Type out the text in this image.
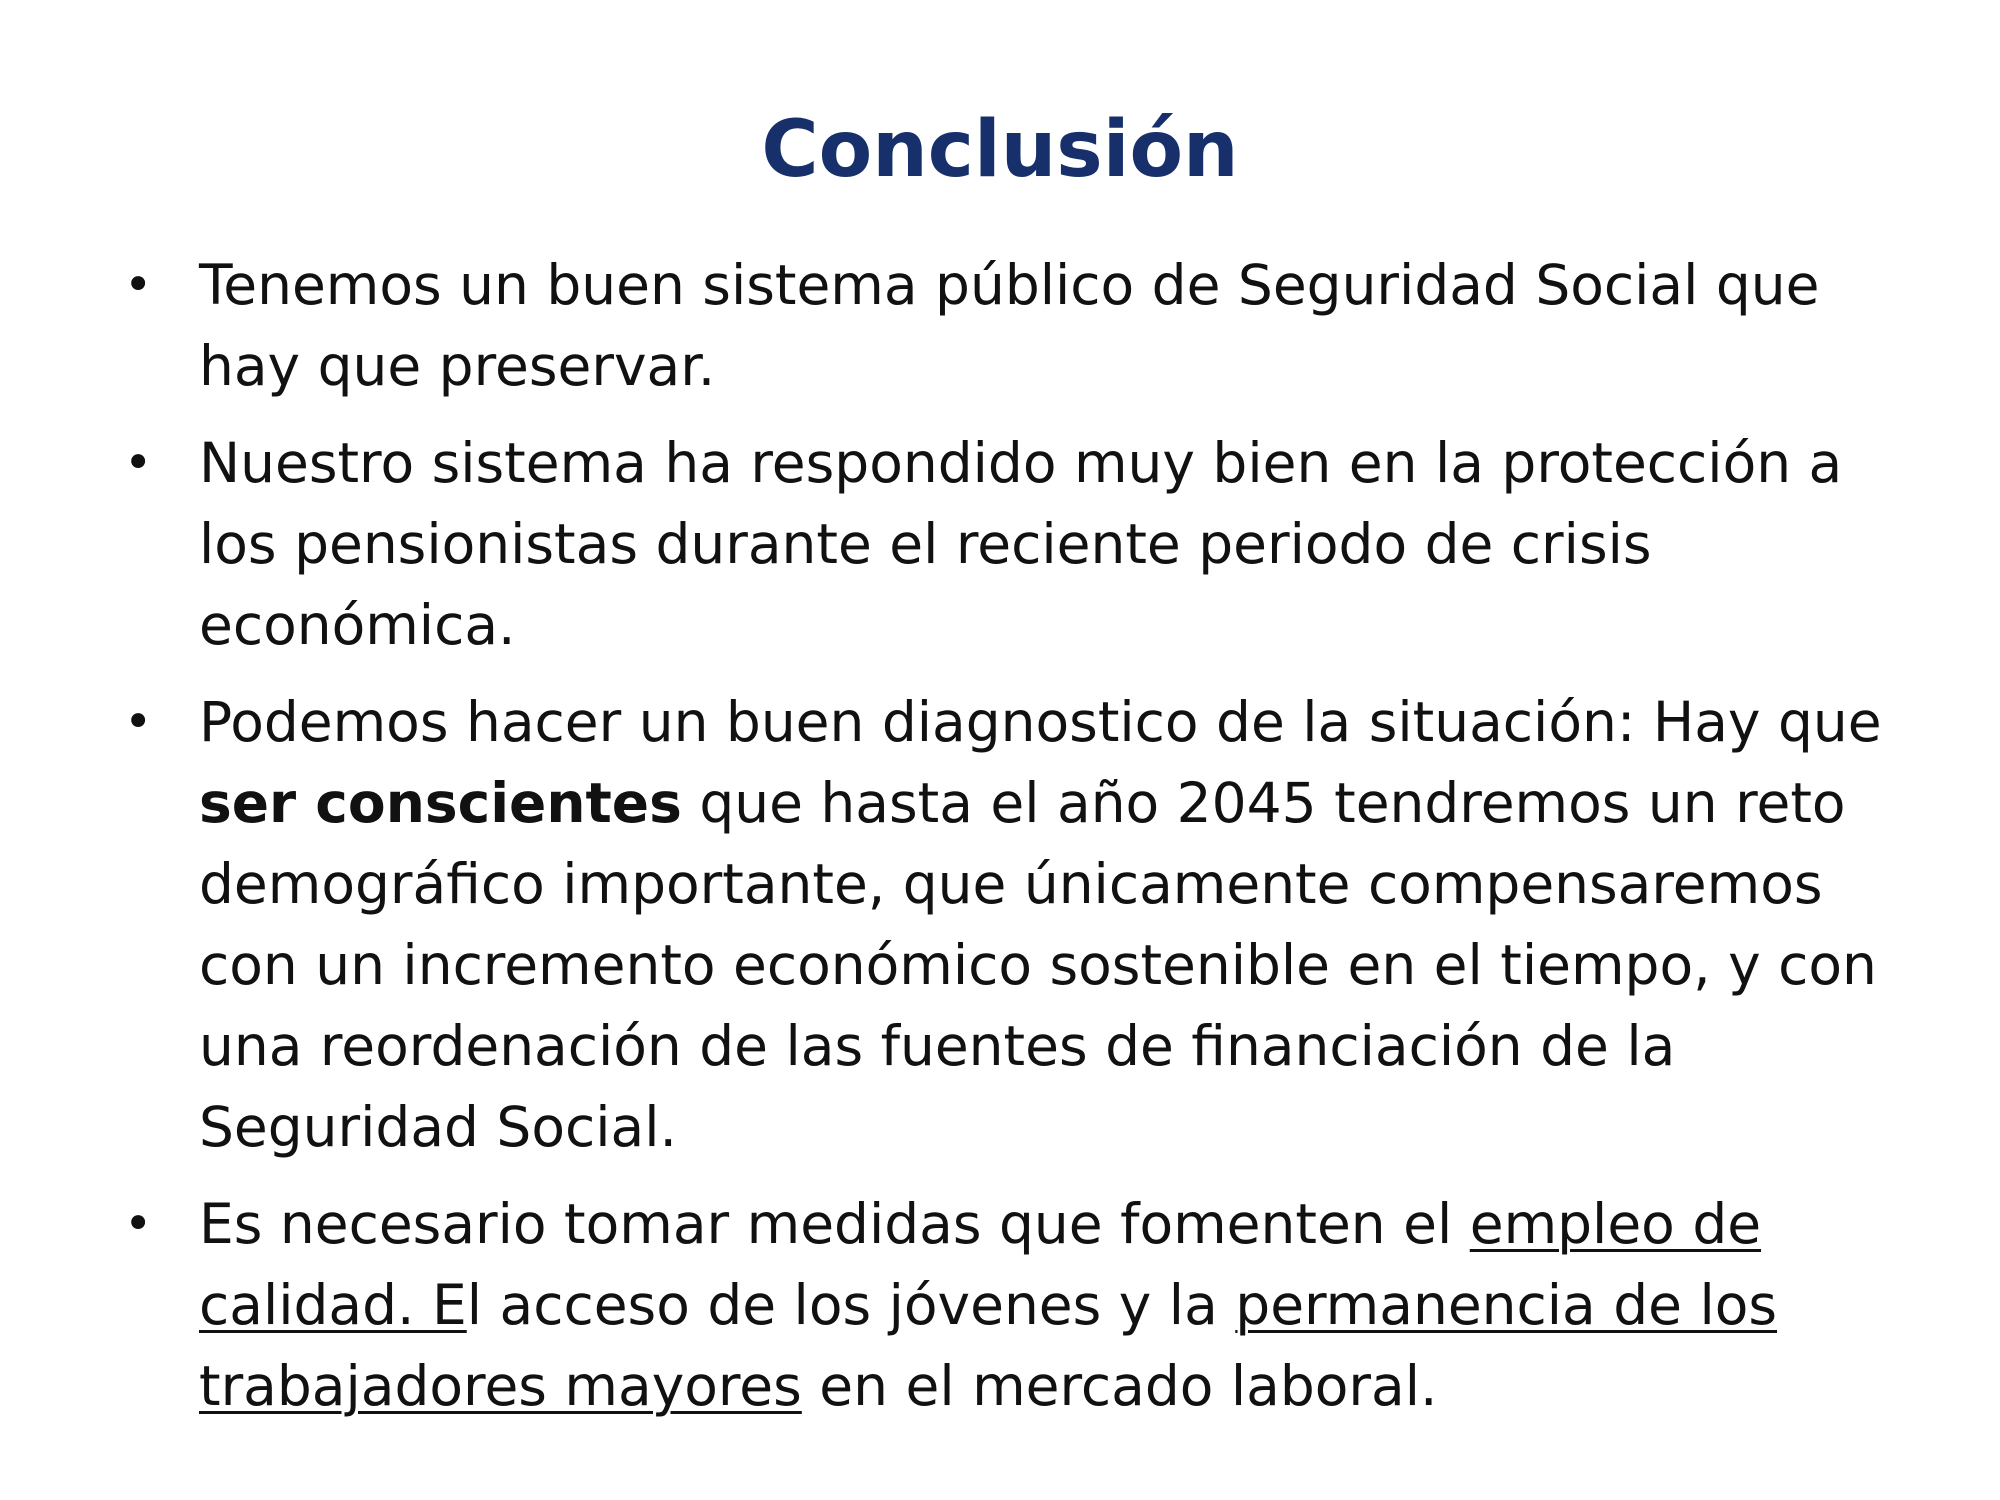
Conclusión
• Tenemos un buen sistema público de Seguridad Social que hay que preservar.
• Nuestro sistema ha respondido muy bien en la protección a los pensionistas durante el reciente periodo de crisis económica.
• Podemos hacer un buen diagnostico de la situación: Hay que ser conscientes que hasta el año 2045 tendremos un reto demográfico importante, que únicamente compensaremos con un incremento económico sostenible en el tiempo, y con una reordenación de las fuentes de financiación de la Seguridad Social.
• Es necesario tomar medidas que fomenten el empleo de calidad. El acceso de los jóvenes y la permanencia de los trabajadores mayores en el mercado laboral.
